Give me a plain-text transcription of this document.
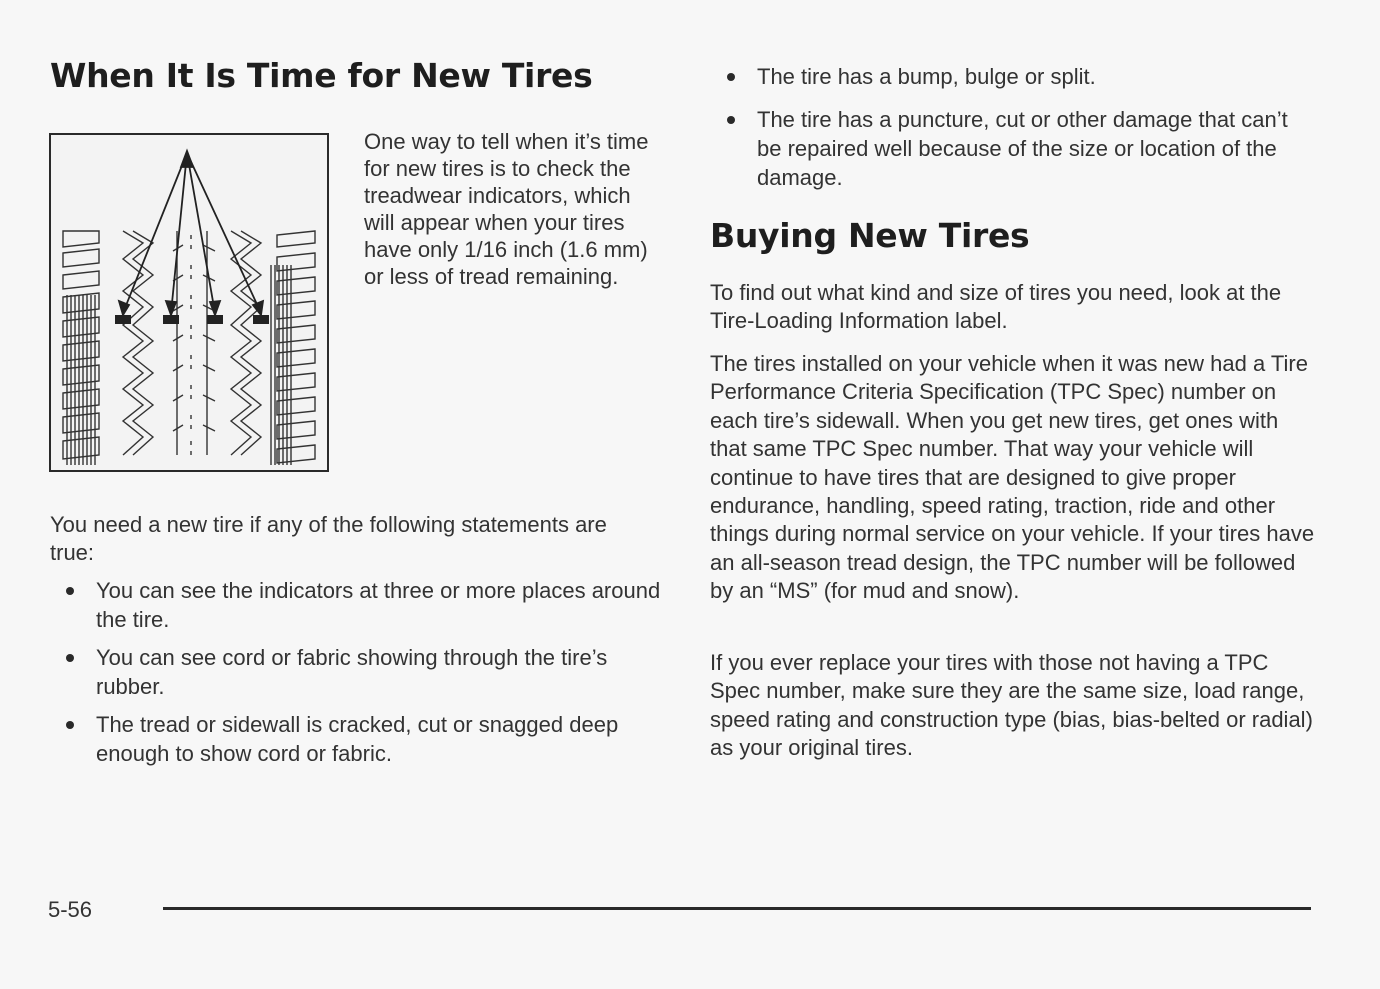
When It Is Time for New Tires

One way to tell when it’s time for new tires is to check the treadwear indicators, which will appear when your tires have only 1/16 inch (1.6 mm) or less of tread remaining.

You need a new tire if any of the following statements are true:

You can see the indicators at three or more places around the tire.
You can see cord or fabric showing through the tire’s rubber.
The tread or sidewall is cracked, cut or snagged deep enough to show cord or fabric.
The tire has a bump, bulge or split.
The tire has a puncture, cut or other damage that can’t be repaired well because of the size or location of the damage.
Buying New Tires

To find out what kind and size of tires you need, look at the Tire-Loading Information label.

The tires installed on your vehicle when it was new had a Tire Performance Criteria Specification (TPC Spec) number on each tire’s sidewall. When you get new tires, get ones with that same TPC Spec number. That way your vehicle will continue to have tires that are designed to give proper endurance, handling, speed rating, traction, ride and other things during normal service on your vehicle. If your tires have an all-season tread design, the TPC number will be followed by an “MS” (for mud and snow).

If you ever replace your tires with those not having a TPC Spec number, make sure they are the same size, load range, speed rating and construction type (bias, bias-belted or radial) as your original tires.

5-56
